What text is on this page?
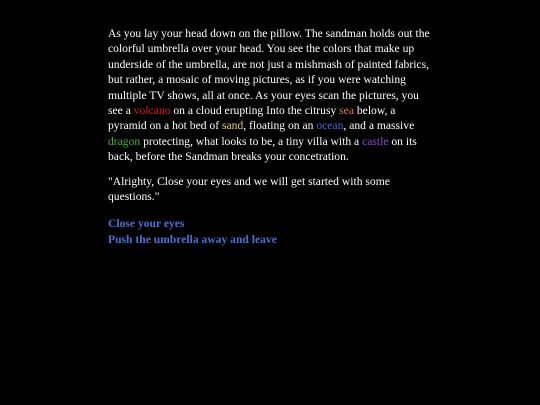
As you lay your head down on the pillow. The sandman holds out the colorful umbrella over your head. You see the colors that make up underside of the umbrella, are not just a mishmash of painted fabrics, but rather, a mosaic of moving pictures, as if you were watching multiple TV shows, all at once. As your eyes scan the pictures, you see a volcano on a cloud erupting Into the citrusy sea below, a pyramid on a hot bed of sand, floating on an ocean, and a massive dragon protecting, what looks to be, a tiny villa with a castle on its back, before the Sandman breaks your concetration.

"Alrighty, Close your eyes and we will get started with some questions."

Close your eyes
Push the umbrella away and leave
